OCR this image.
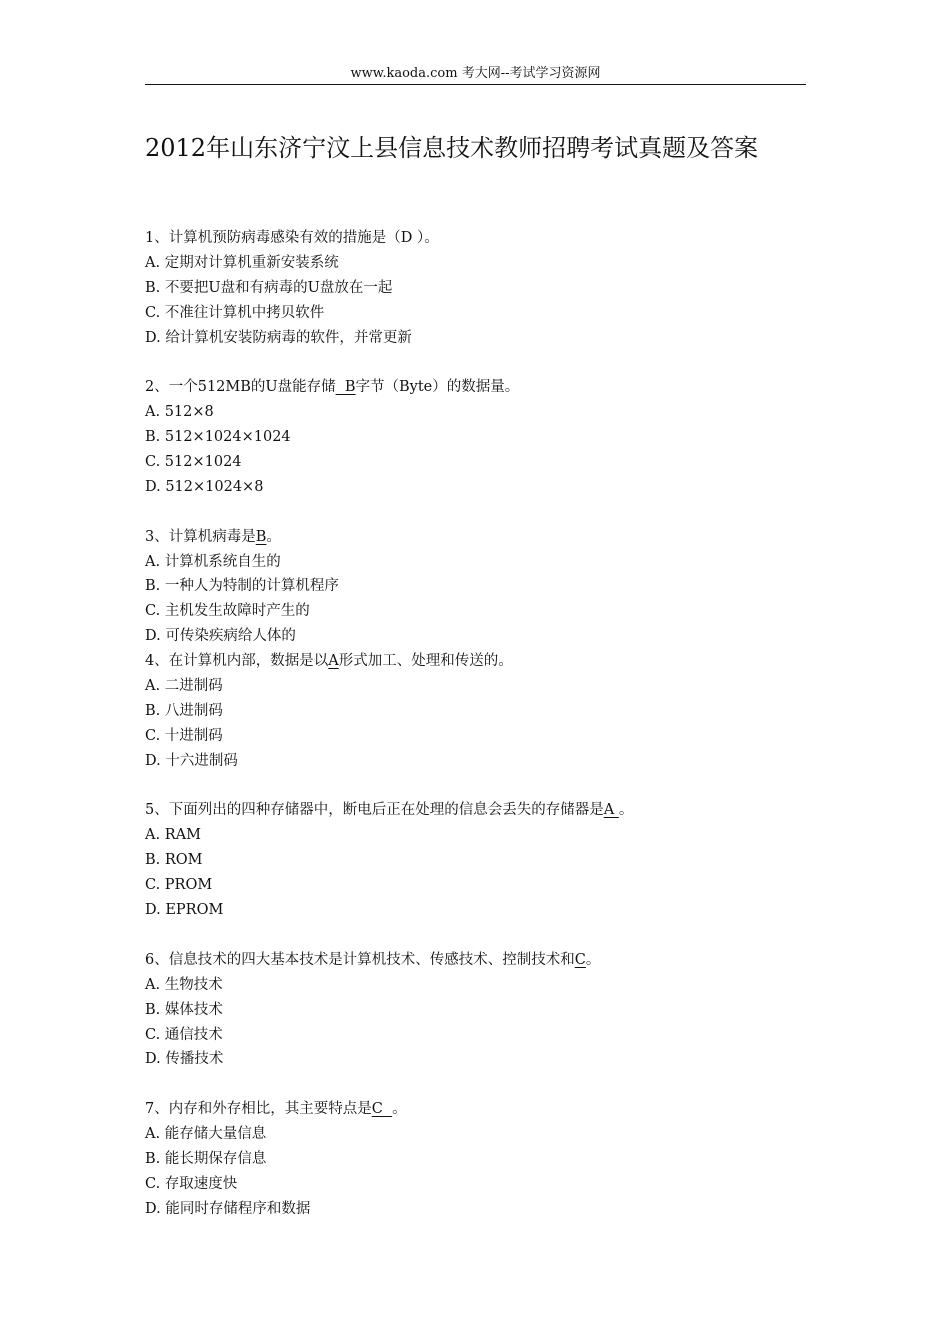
www.kaoda.com 考大网--考试学习资源网
2012年山东济宁汶上县信息技术教师招聘考试真题及答案
1、计算机预防病毒感染有效的措施是（D ）。
A. 定期对计算机重新安装系统
B. 不要把U盘和有病毒的U盘放在一起
C. 不准往计算机中拷贝软件
D. 给计算机安装防病毒的软件，并常更新
2、一个512MB的U盘能存储  B字节（Byte）的数据量。
A. 512×8
B. 512×1024×1024
C. 512×1024
D. 512×1024×8
3、计算机病毒是B。
A. 计算机系统自生的
B. 一种人为特制的计算机程序
C. 主机发生故障时产生的
D. 可传染疾病给人体的
4、在计算机内部，数据是以A形式加工、处理和传送的。
A. 二进制码
B. 八进制码
C. 十进制码
D. 十六进制码
5、下面列出的四种存储器中，断电后正在处理的信息会丢失的存储器是A 。
A. RAM
B. ROM
C. PROM
D. EPROM
6、信息技术的四大基本技术是计算机技术、传感技术、控制技术和C。
A. 生物技术
B. 媒体技术
C. 通信技术
D. 传播技术
7、内存和外存相比，其主要特点是C  。
A. 能存储大量信息
B. 能长期保存信息
C. 存取速度快
D. 能同时存储程序和数据
